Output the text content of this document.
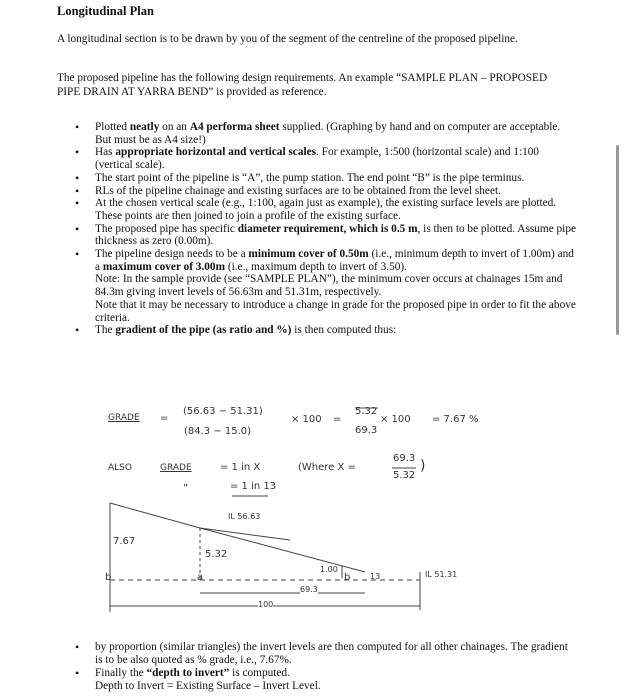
Longitudinal Plan
A longitudinal section is to be drawn by you of the segment of the centreline of the proposed pipeline.
The proposed pipeline has the following design requirements. An example “SAMPLE PLAN – PROPOSED PIPE DRAIN AT YARRA BEND” is provided as reference.
• Plotted neatly on an A4 performa sheet supplied. (Graphing by hand and on computer are acceptable. But must be as A4 size!)
• Has appropriate horizontal and vertical scales. For example, 1:500 (horizontal scale) and 1:100 (vertical scale).
• The start point of the pipeline is “A”, the pump station. The end point “B” is the pipe terminus.
• RLs of the pipeline chainage and existing surfaces are to be obtained from the level sheet.
• At the chosen vertical scale (e.g., 1:100, again just as example), the existing surface levels are plotted. These points are then joined to join a profile of the existing surface.
• The proposed pipe has specific diameter requirement, which is 0.5 m, is then to be plotted. Assume pipe thickness as zero (0.00m).
• The pipeline design needs to be a minimum cover of 0.50m (i.e., minimum depth to invert of 1.00m) and a maximum cover of 3.00m (i.e., maximum depth to invert of 3.50).
Note: In the sample provide (see “SAMPLE PLAN”), the minimum cover occurs at chainages 15m and 84.3m giving invert levels of 56.63m and 51.31m, respectively.
Note that it may be necessary to introduce a change in grade for the proposed pipe in order to fit the above criteria.
• The gradient of the pipe (as ratio and %) is then computed thus:
GRADE =
(56.63 − 51.31)
(84.3 − 15.0)
× 100 =
5.32
69.3
× 100 = 7.67 %
ALSO	GRADE	= 1 in X	(Where X =
69.3
5.32
)
”	= 1 in 13
IL 56.63
7.67
5.32
1.00
b	a	b 13	IL 51.31
69.3
100
• by proportion (similar triangles) the invert levels are then computed for all other chainages. The gradient is to be also quoted as % grade, i.e., 7.67%.
• Finally the “depth to invert” is computed.
Depth to Invert = Existing Surface – Invert Level.
